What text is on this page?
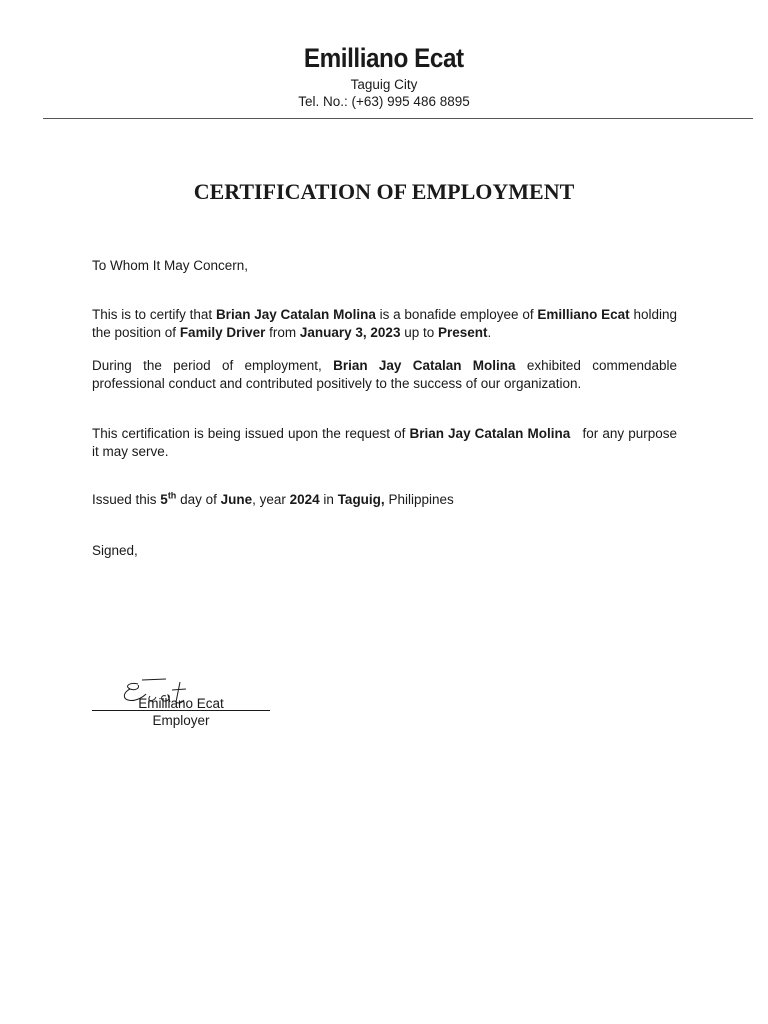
Emilliano Ecat
Taguig City
Tel. No.: (+63) 995 486 8895
CERTIFICATION OF EMPLOYMENT
To Whom It May Concern,
This is to certify that Brian Jay Catalan Molina is a bonafide employee of Emilliano Ecat holding the position of Family Driver from January 3, 2023 up to Present.
During the period of employment, Brian Jay Catalan Molina exhibited commendable professional conduct and contributed positively to the success of our organization.
This certification is being issued upon the request of Brian Jay Catalan Molina   for any purpose it may serve.
Issued this 5th day of June, year 2024 in Taguig, Philippines
Signed,
Emilliano Ecat
Employer
